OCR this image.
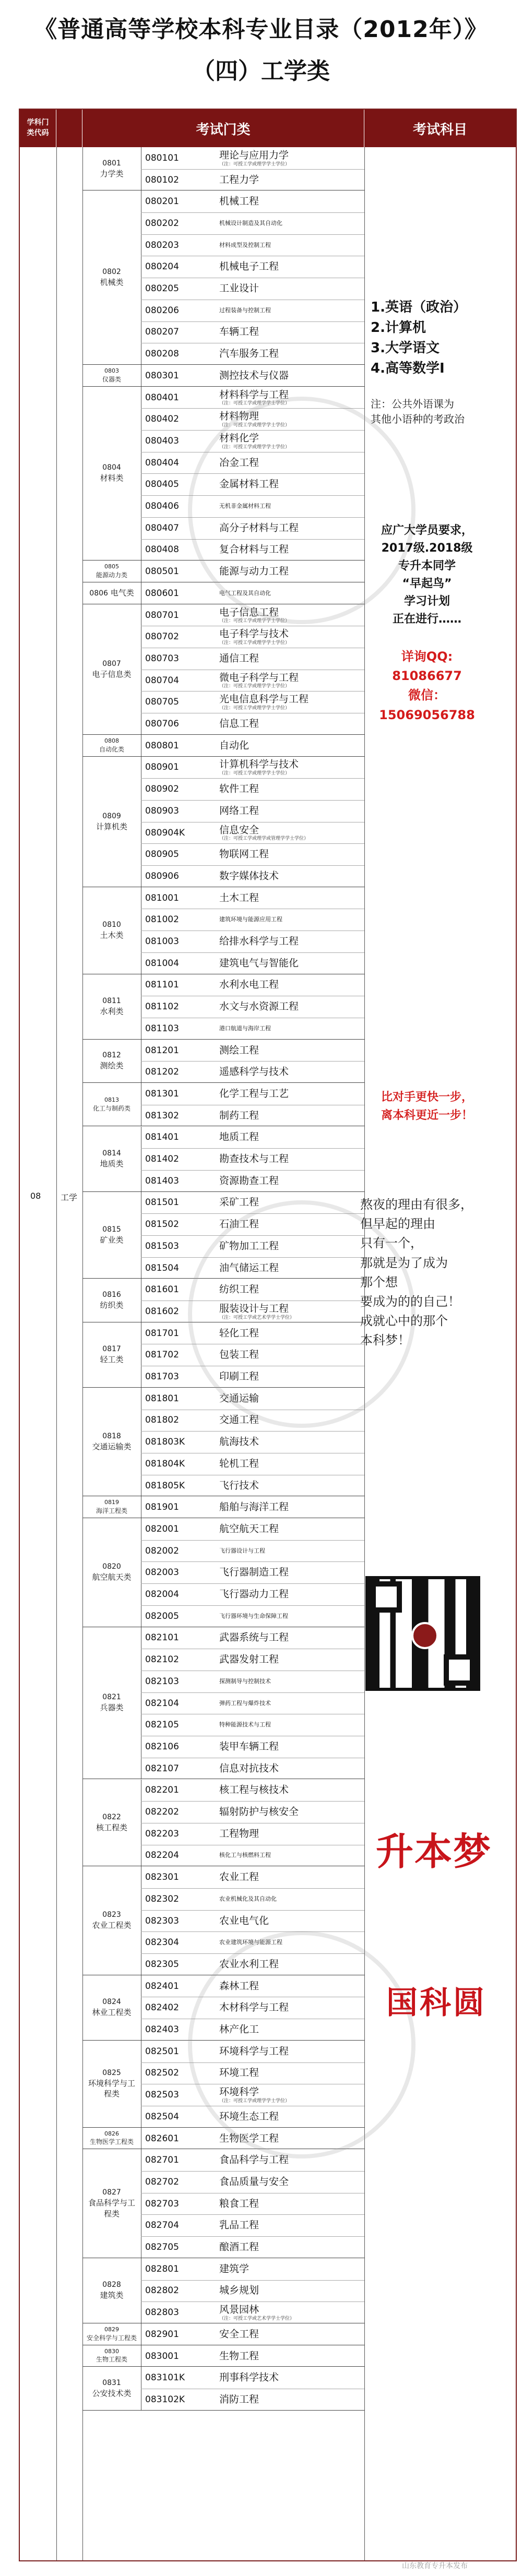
《普通高等学校本科专业目录（2012年）》
（四）工学类
学科门
类代码	考试门类	考试科目
08 工学
0801
力学类
080101	理论与应用力学
（注：可授工学或理学学士学位）
080102	工程力学
0802
机械类
080201	机械工程
080202	机械设计制造及其自动化
080203	材料成型及控制工程
080204	机械电子工程
080205	工业设计
080206	过程装备与控制工程
080207	车辆工程
080208	汽车服务工程
0803
仪器类	080301	测控技术与仪器
0804
材料类
080401	材料科学与工程
（注：可授工学或理学学士学位）
080402	材料物理
（注：可授工学或理学学士学位）
080403	材料化学
（注：可授工学或理学学士学位）
080404	冶金工程
080405	金属材料工程
080406	无机非金属材料工程
080407	高分子材料与工程
080408	复合材料与工程
0805
能源动力类 080501	能源与动力工程
0806 电气类 080601	电气工程及其自动化
0807
电子信息类
080701	电子信息工程
（注：可授工学或理学学士学位）
080702	电子科学与技术
（注：可授工学或理学学士学位）
080703	通信工程
080704	微电子科学与工程
（注：可授工学或理学学士学位）
080705	光电信息科学与工程
（注：可授工学或理学学士学位）
080706	信息工程
0808
自动化类 080801	自动化
0809
计算机类
080901	计算机科学与技术
（注：可授工学或理学学士学位）
080902	软件工程
080903	网络工程
080904K	信息安全
（注：可授工学或理学或管理学学士学位）
080905	物联网工程
080906	数字媒体技术
0810
土木类
081001	土木工程
081002	建筑环境与能源应用工程
081003	给排水科学与工程
081004	建筑电气与智能化
0811
水利类
081101	水利水电工程
081102	水文与水资源工程
081103	港口航道与海岸工程
0812
测绘类
081201	测绘工程
081202	遥感科学与技术
0813
化工与制药类
081301	化学工程与工艺
081302	制药工程
0814
地质类
081401	地质工程
081402	勘查技术与工程
081403	资源勘查工程
0815
矿业类
081501	采矿工程
081502	石油工程
081503	矿物加工工程
081504	油气储运工程
0816
纺织类
081601	纺织工程
081602	服装设计与工程
（注：可授工学或艺术学学士学位）
0817
轻工类
081701	轻化工程
081702	包装工程
081703	印刷工程
0818
交通运输类
081801	交通运输
081802	交通工程
081803K	航海技术
081804K	轮机工程
081805K	飞行技术
0819
海洋工程类 081901	船舶与海洋工程
0820
航空航天类
082001	航空航天工程
082002	飞行器设计与工程
082003	飞行器制造工程
082004	飞行器动力工程
082005	飞行器环境与生命保障工程
0821
兵器类
082101	武器系统与工程
082102	武器发射工程
082103	探测制导与控制技术
082104	弹药工程与爆炸技术
082105	特种能源技术与工程
082106	装甲车辆工程
082107	信息对抗技术
0822
核工程类
082201	核工程与核技术
082202	辐射防护与核安全
082203	工程物理
082204	核化工与核燃料工程
0823
农业工程类
082301	农业工程
082302	农业机械化及其自动化
082303	农业电气化
082304	农业建筑环境与能源工程
082305	农业水利工程
0824
林业工程类
082401	森林工程
082402	木材科学与工程
082403	林产化工
0825
环境科学与工程类
082501	环境科学与工程
082502	环境工程
082503	环境科学
（注：可授工学或理学学士学位）
082504	环境生态工程
0826
生物医学工程类 082601	生物医学工程
0827
食品科学与工程类
082701	食品科学与工程
082702	食品质量与安全
082703	粮食工程
082704	乳品工程
082705	酿酒工程
0828
建筑类
082801	建筑学
082802	城乡规划
082803	风景园林
（注：可授工学或艺术学学士学位）
0829
安全科学与工程类 082901	安全工程
0830
生物工程类 083001	生物工程
0831
公安技术类
083101K	刑事科学技术
083102K	消防工程
1.英语（政治）
2.计算机
3.大学语文
4.高等数学I
注：公共外语课为
其他小语种的考政治
应广大学员要求，
2017级.2018级
专升本同学
“早起鸟”
学习计划
正在进行……
详询QQ:
81086677
微信：
15069056788
比对手更快一步，
离本科更近一步！
熬夜的理由有很多，
但早起的理由
只有一个，
那就是为了成为
那个想
要成为的的自己！
成就心中的那个
本科梦！
升本梦
国科圆
山东教育专升本发布
